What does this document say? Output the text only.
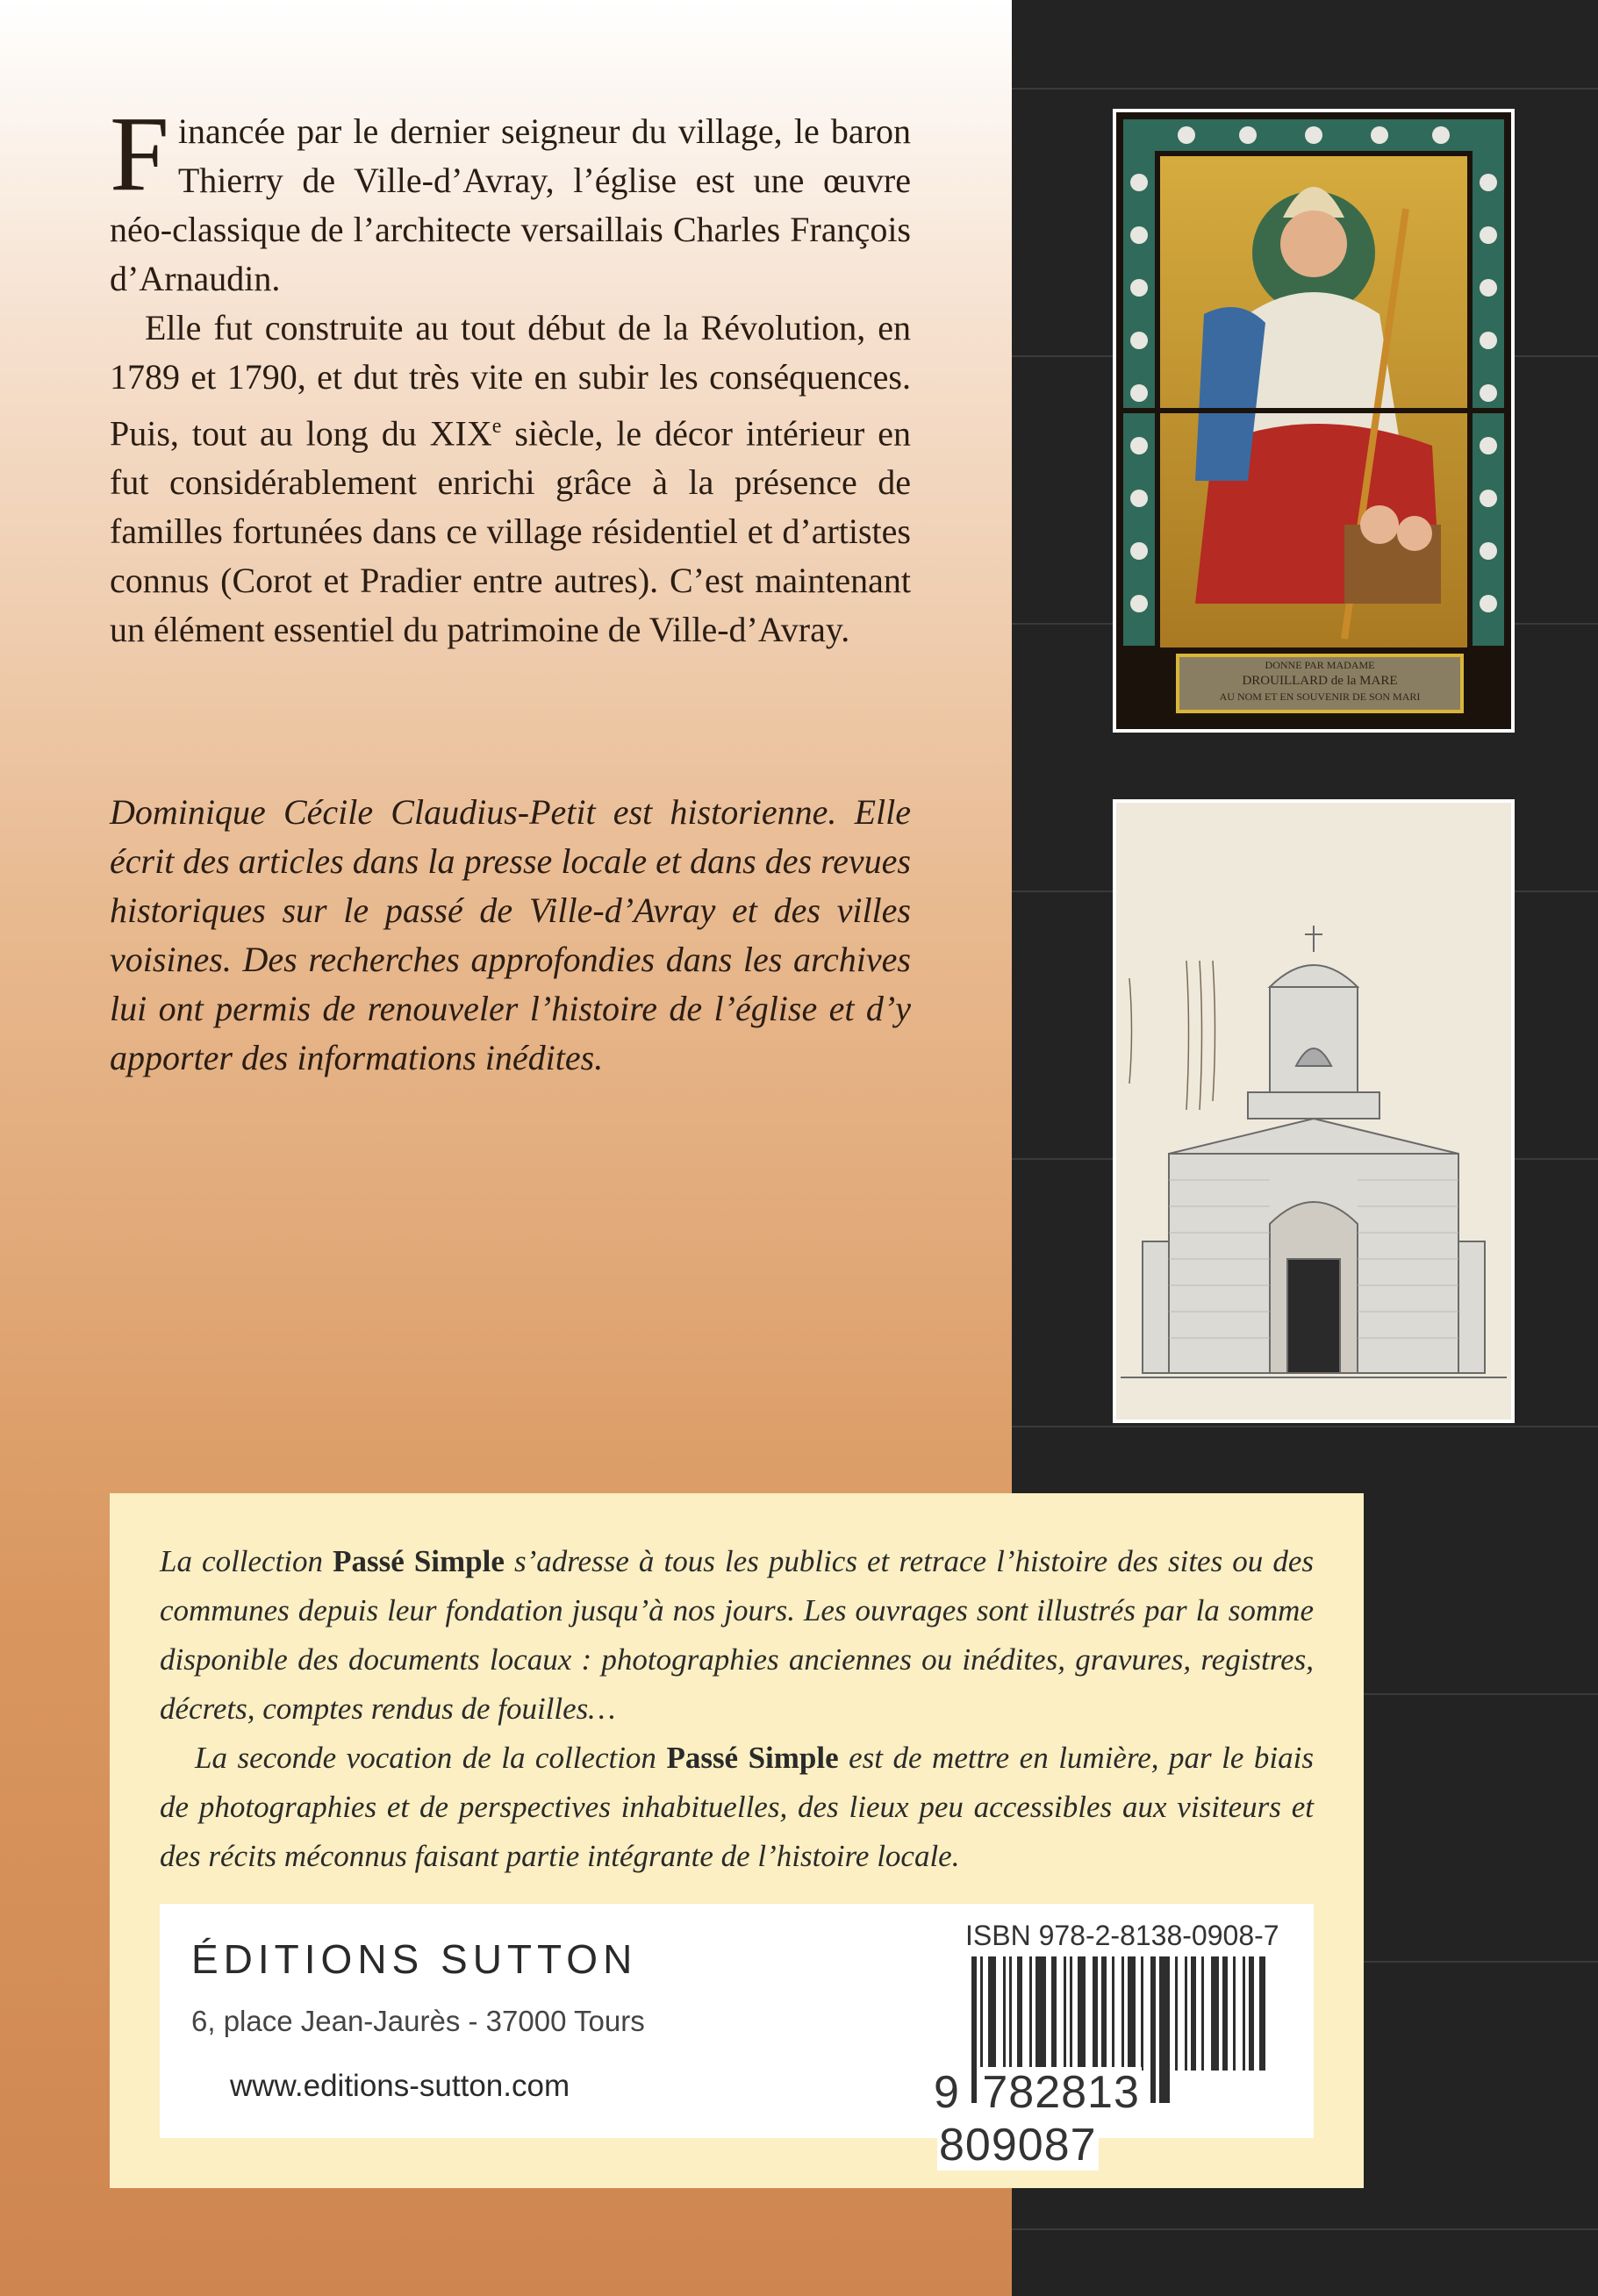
Financée par le dernier seigneur du village, le baron Thierry de Ville-d’Avray, l’église est une œuvre néo-classique de l’architecte versaillais Charles François d’Arnaudin.

Elle fut construite au tout début de la Révolution, en 1789 et 1790, et dut très vite en subir les conséquences. Puis, tout au long du XIXe siècle, le décor intérieur en fut considérablement enrichi grâce à la présence de familles fortunées dans ce village résidentiel et d’artistes connus (Corot et Pradier entre autres). C’est maintenant un élément essentiel du patrimoine de Ville-d’Avray.

Dominique Cécile Claudius-Petit est historienne. Elle écrit des articles dans la presse locale et dans des revues historiques sur le passé de Ville-d’Avray et des villes voisines. Des recherches approfondies dans les archives lui ont permis de renouveler l’histoire de l’église et d’y apporter des informations inédites.
DONNE PAR MADAME
DROUILLARD de la MARE
AU NOM ET EN SOUVENIR DE SON MARI

La collection Passé Simple s’adresse à tous les publics et retrace l’histoire des sites ou des communes depuis leur fondation jusqu’à nos jours. Les ouvrages sont illustrés par la somme disponible des documents locaux : photographies anciennes ou inédites, gravures, registres, décrets, comptes rendus de fouilles…

La seconde vocation de la collection Passé Simple est de mettre en lumière, par le biais de photographies et de perspectives inhabituelles, des lieux peu accessibles aux visiteurs et des récits méconnus faisant partie intégrante de l’histoire locale.

ÉDITIONS SUTTON
6, place Jean-Jaurès - 37000 Tours
www.editions-sutton.com
ISBN 978-2-8138-0908-7
9 782813 809087
